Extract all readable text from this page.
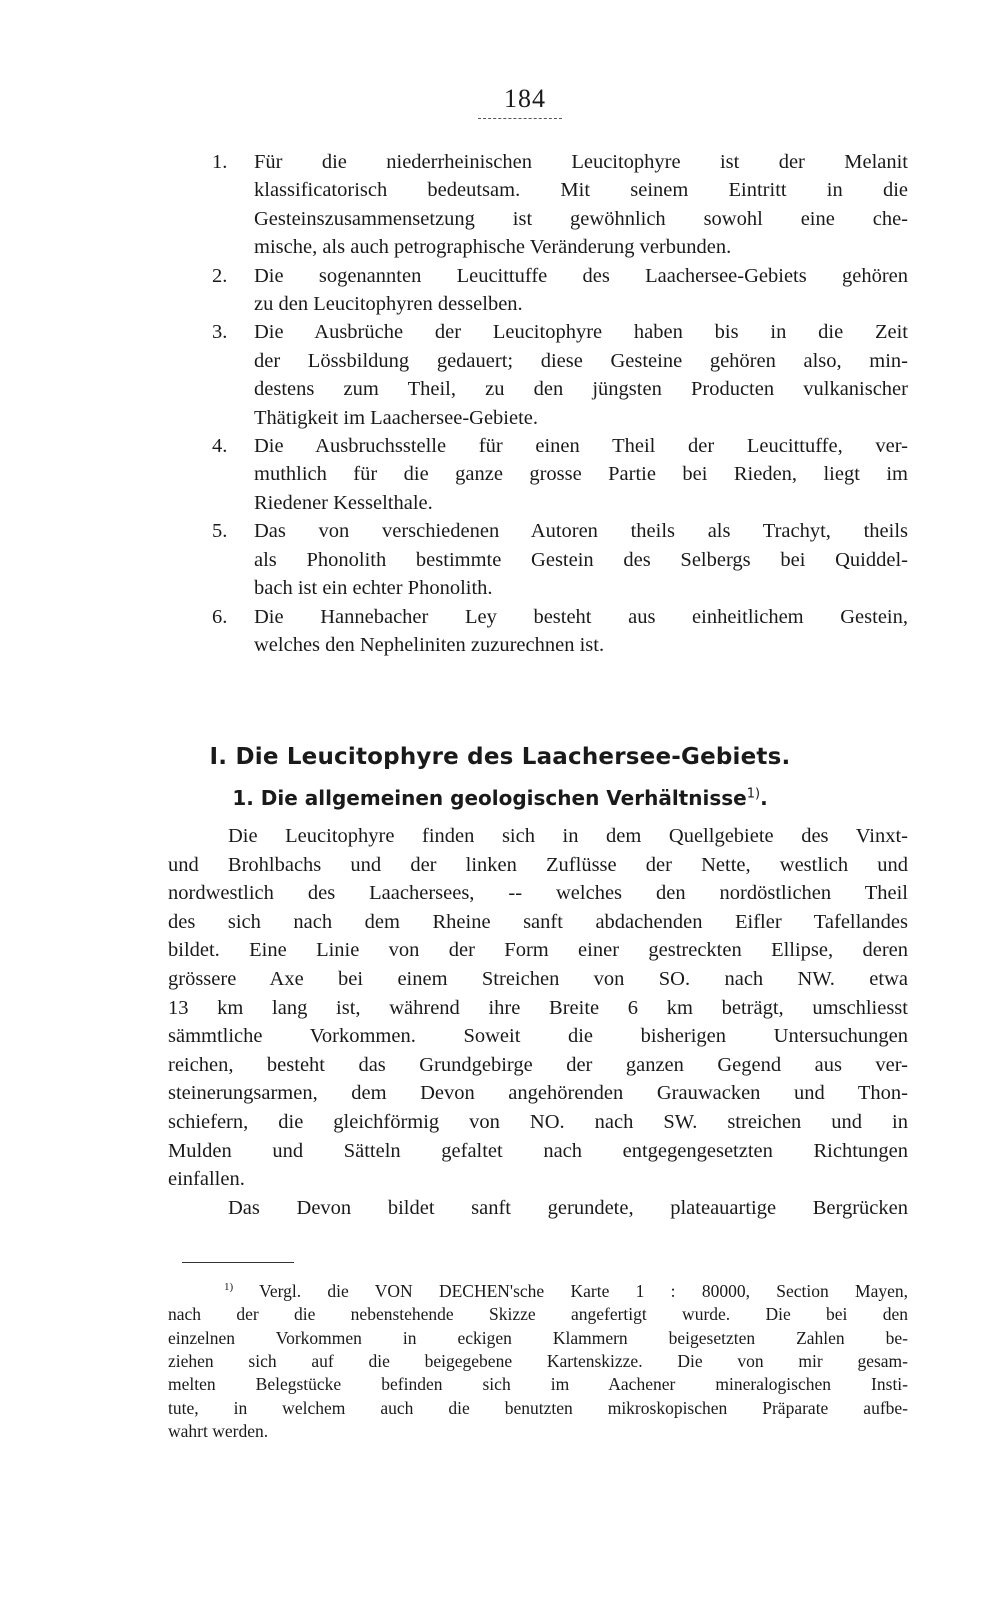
184
1. Für die niederrheinischen Leucitophyre ist der Melanit
klassificatorisch bedeutsam. Mit seinem Eintritt in die
Gesteinszusammensetzung ist gewöhnlich sowohl eine che-
mische, als auch petrographische Veränderung verbunden.
2. Die sogenannten Leucittuffe des Laachersee-Gebiets gehören
zu den Leucitophyren desselben.
3. Die Ausbrüche der Leucitophyre haben bis in die Zeit
der Lössbildung gedauert; diese Gesteine gehören also, min-
destens zum Theil, zu den jüngsten Producten vulkanischer
Thätigkeit im Laachersee-Gebiete.
4. Die Ausbruchsstelle für einen Theil der Leucittuffe, ver-
muthlich für die ganze grosse Partie bei Rieden, liegt im
Riedener Kesselthale.
5. Das von verschiedenen Autoren theils als Trachyt, theils
als Phonolith bestimmte Gestein des Selbergs bei Quiddel-
bach ist ein echter Phonolith.
6. Die Hannebacher Ley besteht aus einheitlichem Gestein,
welches den Nepheliniten zuzurechnen ist.
I. Die Leucitophyre des Laachersee-Gebiets.
1. Die allgemeinen geologischen Verhältnisse$^{1)}$.
Die Leucitophyre finden sich in dem Quellgebiete des Vinxt-
und Brohlbachs und der linken Zuflüsse der Nette, westlich und
nordwestlich des Laachersees, -- welches den nordöstlichen Theil
des sich nach dem Rheine sanft abdachenden Eifler Tafellandes
bildet. Eine Linie von der Form einer gestreckten Ellipse, deren
grössere Axe bei einem Streichen von SO. nach NW. etwa
13 km lang ist, während ihre Breite 6 km beträgt, umschliesst
sämmtliche Vorkommen. Soweit die bisherigen Untersuchungen
reichen, besteht das Grundgebirge der ganzen Gegend aus ver-
steinerungsarmen, dem Devon angehörenden Grauwacken und Thon-
schiefern, die gleichförmig von NO. nach SW. streichen und in
Mulden und Sätteln gefaltet nach entgegengesetzten Richtungen
einfallen.
Das Devon bildet sanft gerundete, plateauartige Bergrücken
$^{1)}$ Vergl. die VON DECHEN'sche Karte 1 : 80000, Section Mayen,
nach der die nebenstehende Skizze angefertigt wurde. Die bei den
einzelnen Vorkommen in eckigen Klammern beigesetzten Zahlen be-
ziehen sich auf die beigegebene Kartenskizze. Die von mir gesam-
melten Belegstücke befinden sich im Aachener mineralogischen Insti-
tute, in welchem auch die benutzten mikroskopischen Präparate aufbe-
wahrt werden.
